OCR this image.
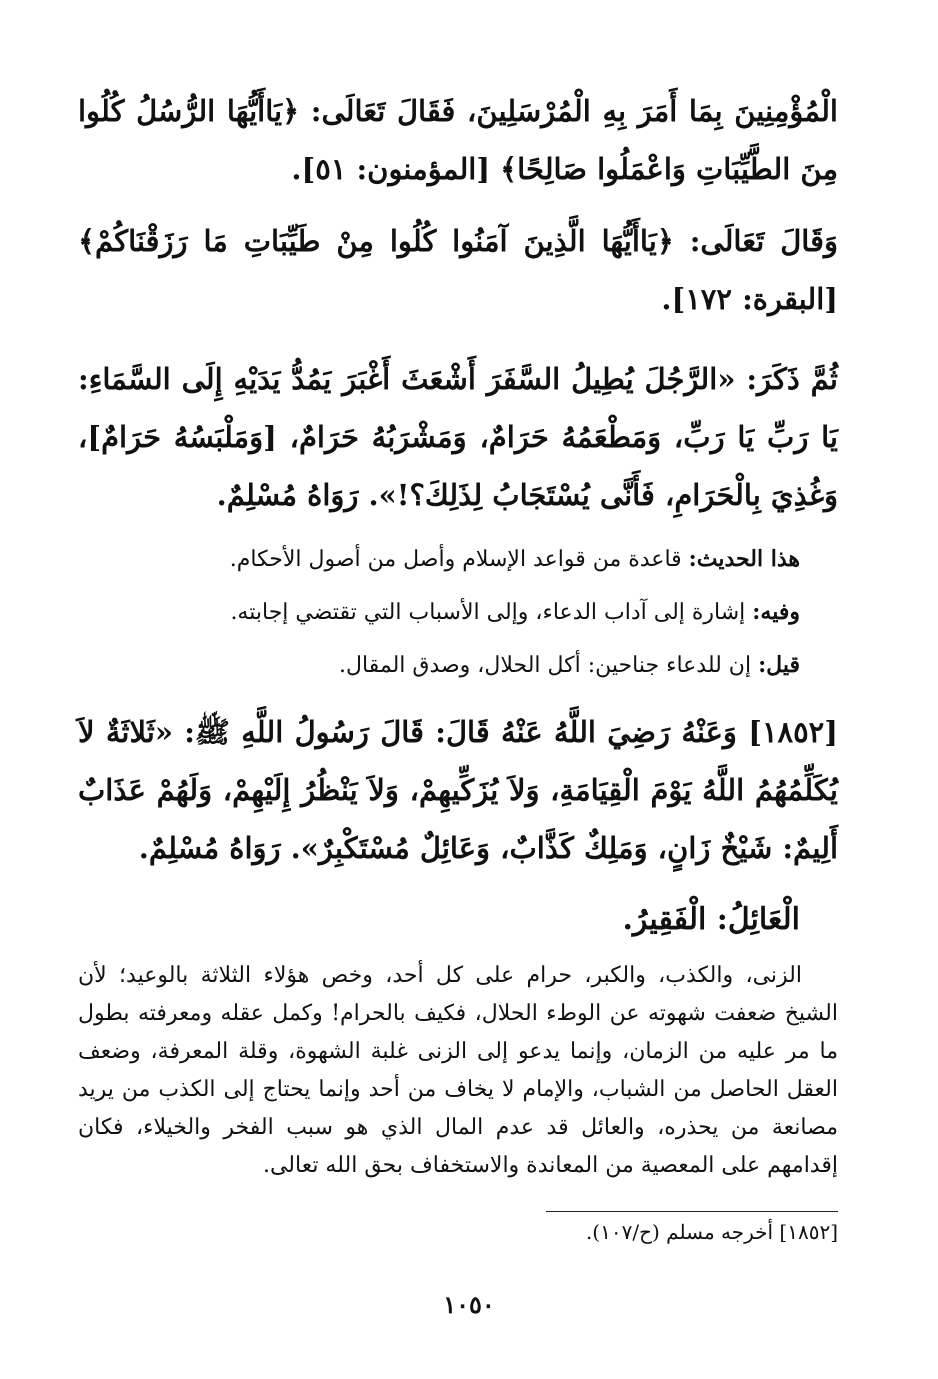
الْمُؤْمِنِينَ بِمَا أَمَرَ بِهِ الْمُرْسَلِينَ، فَقَالَ تَعَالَى: ﴿يَاأَيُّهَا الرُّسُلُ كُلُوا مِنَ الطَّيِّبَاتِ وَاعْمَلُوا صَالِحًا﴾ [المؤمنون: ٥١].

وَقَالَ تَعَالَى: ﴿يَاأَيُّهَا الَّذِينَ آمَنُوا كُلُوا مِنْ طَيِّبَاتِ مَا رَزَقْنَاكُمْ﴾ [البقرة: ١٧٢].

ثُمَّ ذَكَرَ: «الرَّجُلَ يُطِيلُ السَّفَرَ أَشْعَثَ أَغْبَرَ يَمُدُّ يَدَيْهِ إِلَى السَّمَاءِ: يَا رَبِّ يَا رَبِّ، وَمَطْعَمُهُ حَرَامٌ، وَمَشْرَبُهُ حَرَامٌ، [وَمَلْبَسُهُ حَرَامٌ]، وَغُذِيَ بِالْحَرَامِ، فَأَنَّى يُسْتَجَابُ لِذَلِكَ؟!». رَوَاهُ مُسْلِمٌ.

هذا الحديث: قاعدة من قواعد الإسلام وأصل من أصول الأحكام.
وفيه: إشارة إلى آداب الدعاء، وإلى الأسباب التي تقتضي إجابته.
قيل: إن للدعاء جناحين: أكل الحلال، وصدق المقال.

[١٨٥٢] وَعَنْهُ رَضِيَ اللَّهُ عَنْهُ قَالَ: قَالَ رَسُولُ اللَّهِ ﷺ: «ثَلاثَةٌ لاَ يُكَلِّمُهُمُ اللَّهُ يَوْمَ الْقِيَامَةِ، وَلاَ يُزَكِّيهِمْ، وَلاَ يَنْظُرُ إِلَيْهِمْ، وَلَهُمْ عَذَابٌ أَلِيمٌ: شَيْخٌ زَانٍ، وَمَلِكٌ كَذَّابٌ، وَعَائِلٌ مُسْتَكْبِرٌ». رَوَاهُ مُسْلِمٌ.

الْعَائِلُ: الْفَقِيرُ.

الزنى، والكذب، والكبر، حرام على كل أحد، وخص هؤلاء الثلاثة بالوعيد؛ لأن الشيخ ضعفت شهوته عن الوطء الحلال، فكيف بالحرام! وكمل عقله ومعرفته بطول ما مر عليه من الزمان، وإنما يدعو إلى الزنى غلبة الشهوة، وقلة المعرفة، وضعف العقل الحاصل من الشباب، والإمام لا يخاف من أحد وإنما يحتاج إلى الكذب من يريد مصانعة من يحذره، والعائل قد عدم المال الذي هو سبب الفخر والخيلاء، فكان إقدامهم على المعصية من المعاندة والاستخفاف بحق الله تعالى.

[١٨٥٢] أخرجه مسلم (ح/١٠٧).

١٠٥٠
